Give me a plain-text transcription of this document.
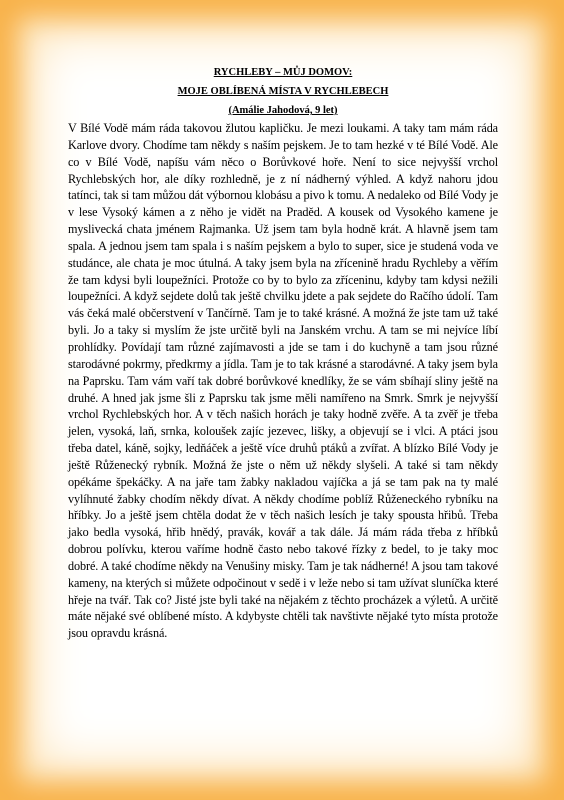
RYCHLEBY – MŮJ DOMOV:

MOJE OBLÍBENÁ MÍSTA V RYCHLEBECH

(Amálie Jahodová, 9 let)

V Bílé Vodě mám ráda takovou žlutou kapličku. Je mezi loukami. A taky tam mám ráda Karlove dvory. Chodíme tam někdy s naším pejskem. Je to tam hezké v té Bílé Vodě. Ale co v Bílé Vodě, napíšu vám něco o Borůvkové hoře. Není to sice nejvyšší vrchol Rychlebských hor, ale díky rozhledně, je z ní nádherný výhled. A když nahoru jdou tatínci, tak si tam můžou dát výbornou klobásu a pivo k tomu. A nedaleko od Bílé Vody je v lese Vysoký kámen a z něho je vidět na Praděd. A kousek od Vysokého kamene je myslivecká chata jménem Rajmanka. Už jsem tam byla hodně krát. A hlavně jsem tam spala. A jednou jsem tam spala i s naším pejskem a bylo to super, sice je studená voda ve studánce, ale chata je moc útulná. A taky jsem byla na zřícenině hradu Rychleby a věřím že tam kdysi byli loupežníci. Protože co by to bylo za zříceninu, kdyby tam kdysi nežili loupežníci. A když sejdete dolů tak ještě chvilku jdete a pak sejdete do Račího údolí. Tam vás čeká malé občerstvení v Tančírně. Tam je to také krásné. A možná že jste tam už také byli. Jo a taky si myslím že jste určitě byli na Janském vrchu. A tam se mi nejvíce líbí prohlídky. Povídají tam různé zajímavosti a jde se tam i do kuchyně a tam jsou různé starodávné pokrmy, předkrmy a jídla. Tam je to tak krásné a starodávné. A taky jsem byla na Paprsku. Tam vám vaří tak dobré borůvkové knedlíky, že se vám sbíhají sliny ještě na druhé. A hned jak jsme šli z Paprsku tak jsme měli namířeno na Smrk. Smrk je nejvyšší vrchol Rychlebských hor. A v těch našich horách je taky hodně zvěře. A ta zvěř je třeba jelen, vysoká, laň, srnka, koloušek zajíc jezevec, lišky, a objevují se i vlci. A ptáci jsou třeba datel, káně, sojky, ledňáček a ještě více druhů ptáků a zvířat. A blízko Bílé Vody je ještě Růženecký rybník. Možná že jste o něm už někdy slyšeli. A také si tam někdy opékáme špekáčky. A na jaře tam žabky nakladou vajíčka a já se tam pak na ty malé vylíhnuté žabky chodím někdy dívat. A někdy chodíme poblíž Růženeckého rybníku na hříbky. Jo a ještě jsem chtěla dodat že v těch našich lesích je taky spousta hřibů. Třeba jako bedla vysoká, hřib hnědý, pravák, kovář a tak dále. Já mám ráda třeba z hříbků dobrou polívku, kterou vaříme hodně často nebo takové řízky z bedel, to je taky moc dobré. A také chodíme někdy na Venušiny misky. Tam je tak nádherné! A jsou tam takové kameny, na kterých si můžete odpočinout v sedě i v leže nebo si tam užívat sluníčka které hřeje na tvář. Tak co? Jisté jste byli také na nějakém z těchto procházek a výletů. A určitě máte nějaké své oblíbené místo. A kdybyste chtěli tak navštivte nějaké tyto místa protože jsou opravdu krásná.
